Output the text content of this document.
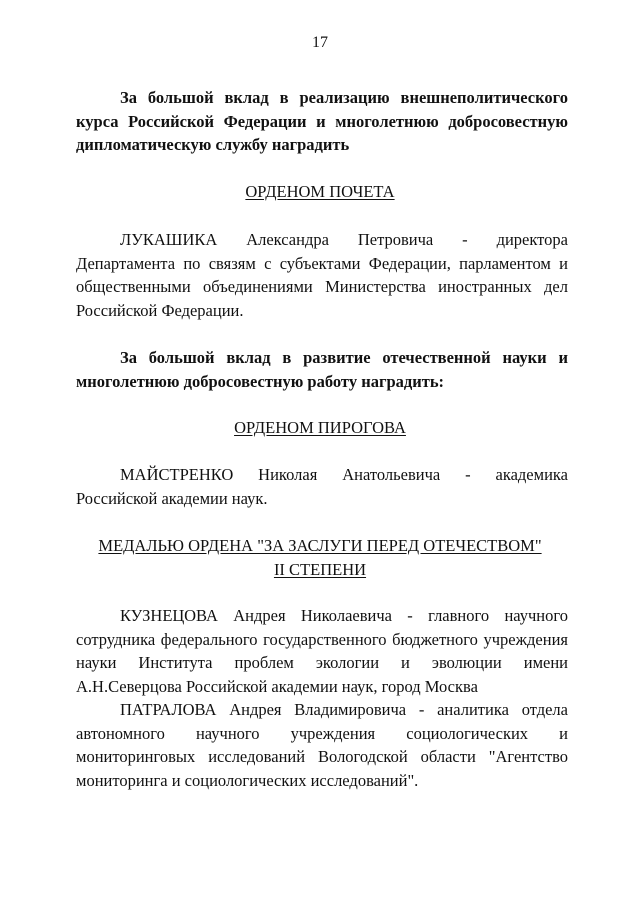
17
За большой вклад в реализацию внешнеполитического курса Российской Федерации и многолетнюю добросовестную дипломатическую службу наградить
ОРДЕНОМ ПОЧЕТА
ЛУКАШИКА Александра Петровича - директора Департамента по связям с субъектами Федерации, парламентом и общественными объединениями Министерства иностранных дел Российской Федерации.
За большой вклад в развитие отечественной науки и многолетнюю добросовестную работу наградить:
ОРДЕНОМ ПИРОГОВА
МАЙСТРЕНКО Николая Анатольевича - академика Российской академии наук.
МЕДАЛЬЮ ОРДЕНА "ЗА ЗАСЛУГИ ПЕРЕД ОТЕЧЕСТВОМ"
II СТЕПЕНИ
КУЗНЕЦОВА Андрея Николаевича - главного научного сотрудника федерального государственного бюджетного учреждения науки Института проблем экологии и эволюции имени А.Н.Северцова Российской академии наук, город Москва
ПАТРАЛОВА Андрея Владимировича - аналитика отдела автономного научного учреждения социологических и мониторинговых исследований Вологодской области "Агентство мониторинга и социологических исследований".
